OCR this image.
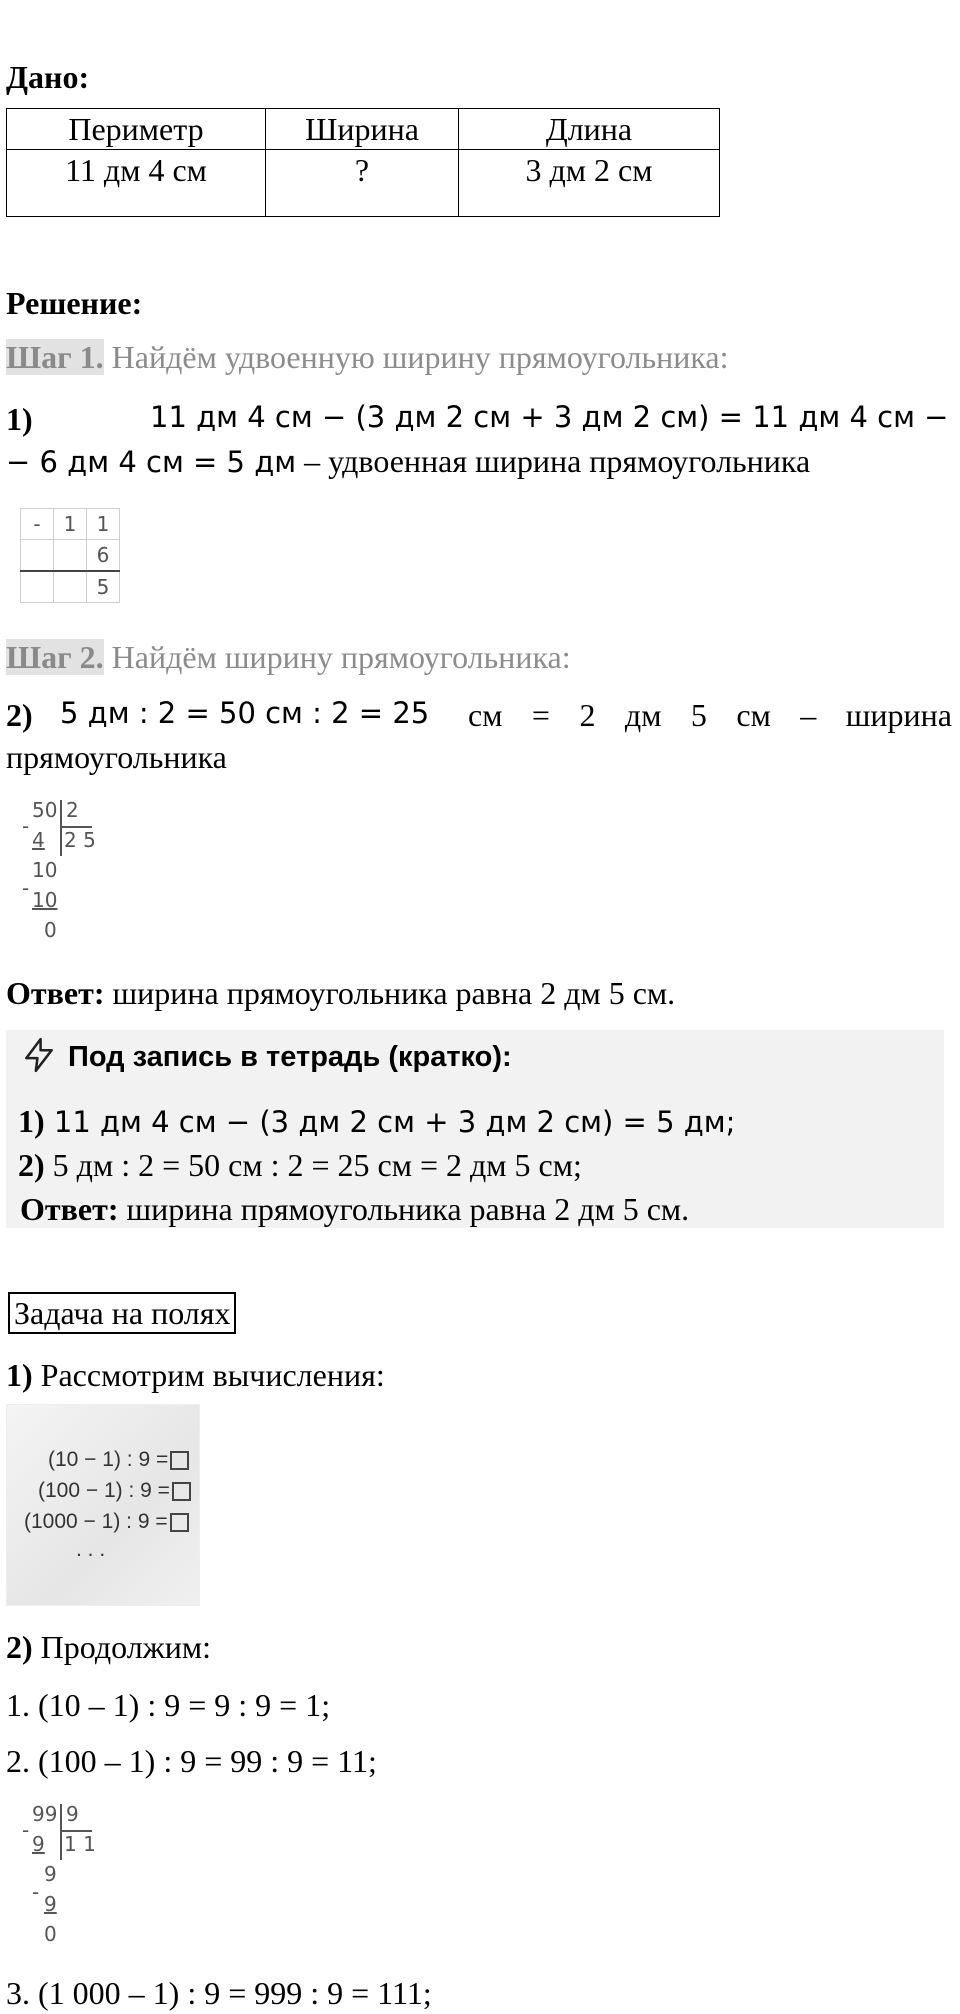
Дано:
Периметр	Ширина	Длина
11 дм 4 см	?	3 дм 2 см
Решение:
Шаг 1. Найдём удвоенную ширину прямоугольника:
1)	11 дм 4 см − (3 дм 2 см + 3 дм 2 см) = 11 дм 4 см −
− 6 дм 4 см = 5 дм – удвоенная ширина прямоугольника
-	1	1
		6
		5
Шаг 2. Найдём ширину прямоугольника:
2) 5 дм : 2 = 50 см : 2 = 25 см = 2 дм 5 см – ширина
прямоугольника
50 2
2 5
-
4
10
- 10
0
Ответ: ширина прямоугольника равна 2 дм 5 см.
Под запись в тетрадь (кратко):
1) 11 дм 4 см − (3 дм 2 см + 3 дм 2 см) = 5 дм;
2) 5 дм : 2 = 50 см : 2 = 25 см = 2 дм 5 см;
Ответ: ширина прямоугольника равна 2 дм 5 см.
Задача на полях
1) Рассмотрим вычисления:
(10 − 1) : 9 =
(100 − 1) : 9 =
(1000 − 1) : 9 =
. . .
2) Продолжим:
1. (10 – 1) : 9 = 9 : 9 = 1;
2. (100 – 1) : 9 = 99 : 9 = 11;
99 9
1 1
-
9
9
- 9
0
3. (1 000 – 1) : 9 = 999 : 9 = 111;
